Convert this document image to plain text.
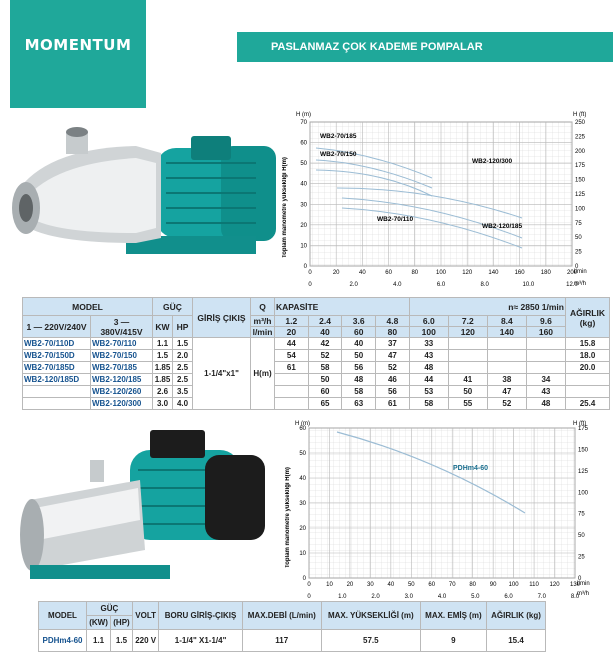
MOMENTUM	PASLANMAZ ÇOK KADEME POMPALAR
Toplam manometre yüksekliği H(m)
H (m)	H (ft)
0
10
20
30
40
50
60
70
0
25
50
75
100
125
150
175
200
225
250
0	20	40	60	80	100	120	140	160	180	200
0	2.0	4.0	6.0	8.0	10.0	12.0
l/min
m³/h
WB2-70/185
WB2-70/150
WB2-120/300
WB2-70/110
WB2-120/185
MODEL		GÜÇ		GİRİŞ ÇIKIŞ	Q	KAPASİTE				n≈ 2850 1/min				AĞIRLIK (kg)
1 — 220V/240V	3 — 380V/415V	KW	HP		m³/h	1.2	2.4	3.6	4.8	6.0	7.2	8.4	9.6	
					l/min	20	40	60	80	100	120	140	160	
WB2-70/110D	WB2-70/110	1.1	1.5	1-1/4"x1"	H(m)	44	42	40	37	33				15.8
WB2-70/150D	WB2-70/150	1.5	2.0			54	52	50	47	43				18.0
WB2-70/185D	WB2-70/185	1.85	2.5			61	58	56	52	48				20.0
WB2-120/185D	WB2-120/185	1.85	2.5				50	48	46	44	41	38	34	
	WB2-120/260	2.6	3.5				60	58	56	53	50	47	43	
	WB2-120/300	3.0	4.0				65	63	61	58	55	52	48	25.4
Toplam manometre yüksekliği H(m)
H (m)	H (ft)
0
10
20
30
40
50
60
0
25
50
75
100
125
150
175
0	10 20 30 40 50 60 70 80 90 100 110 120 130
0	1.0	2.0	3.0	4.0	5.0	6.0	7.0	8.0
l/min
m³/h
PDHm4-60
MODEL	GÜÇ		VOLT	BORU GİRİŞ-ÇIKIŞ	MAX.DEBİ (L/min)	MAX. YÜKSEKLİĞİ (m)	MAX. EMİŞ (m)	AĞIRLIK (kg)
	(KW)	(HP)						
PDHm4-60	1.1	1.5	220 V	1-1/4" X1-1/4"	117	57.5	9	15.4
